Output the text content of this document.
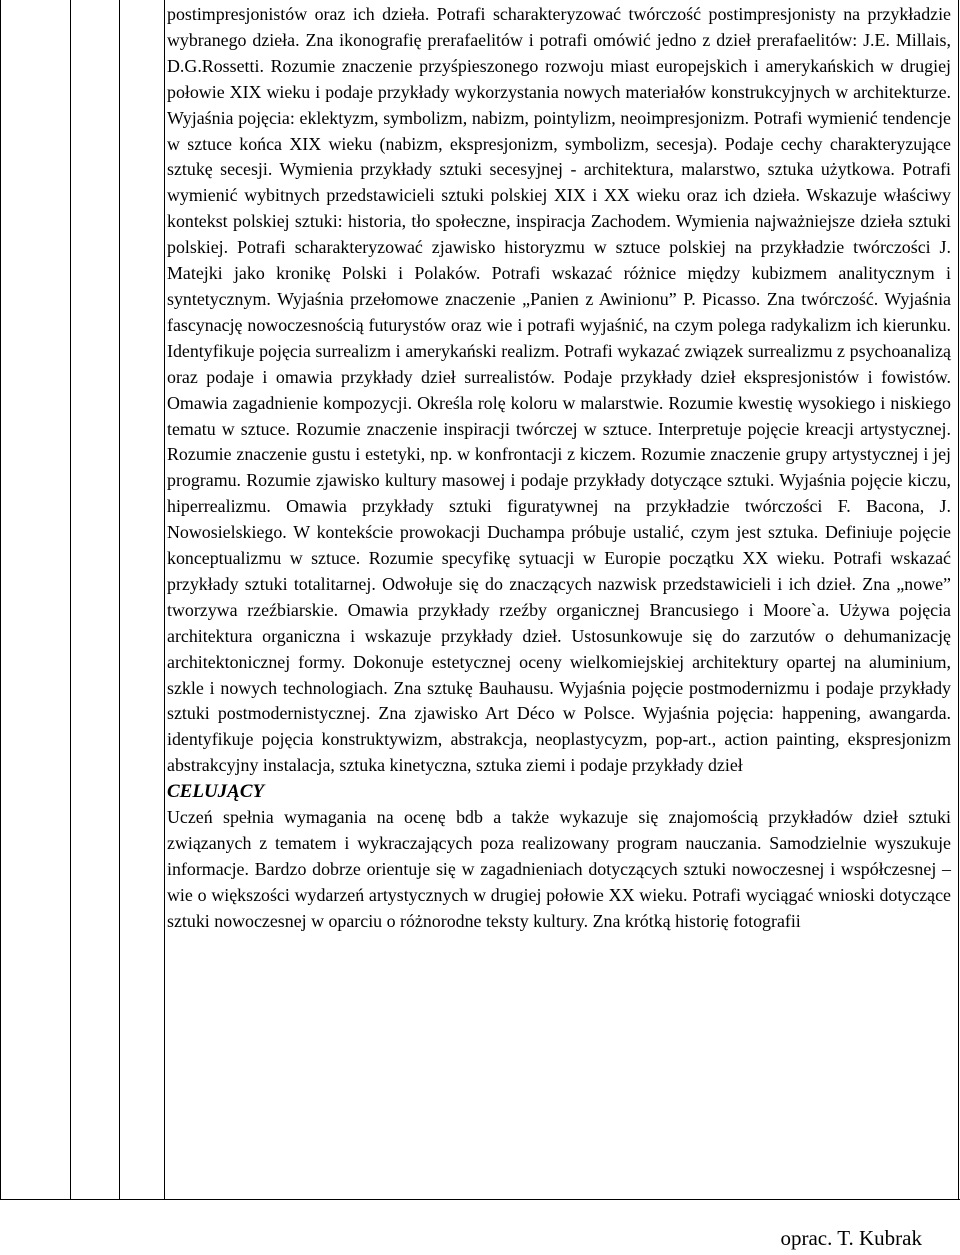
postimpresjonistów oraz ich dzieła. Potrafi scharakteryzować twórczość postimpresjonisty na przykładzie wybranego dzieła. Zna ikonografię prerafaelitów i potrafi omówić jedno z dzieł prerafaelitów: J.E. Millais, D.G.Rossetti. Rozumie znaczenie przyśpieszonego rozwoju miast europejskich i amerykańskich w drugiej połowie XIX wieku i podaje przykłady wykorzystania nowych materiałów konstrukcyjnych w architekturze. Wyjaśnia pojęcia: eklektyzm, symbolizm, nabizm, pointylizm, neoimpresjonizm. Potrafi wymienić tendencje w sztuce końca XIX wieku (nabizm, ekspresjonizm, symbolizm, secesja). Podaje cechy charakteryzujące sztukę secesji. Wymienia przykłady sztuki secesyjnej - architektura, malarstwo, sztuka użytkowa. Potrafi wymienić wybitnych przedstawicieli sztuki polskiej XIX i XX wieku oraz ich dzieła. Wskazuje właściwy kontekst polskiej sztuki: historia, tło społeczne, inspiracja Zachodem. Wymienia najważniejsze dzieła sztuki polskiej. Potrafi scharakteryzować zjawisko historyzmu w sztuce polskiej na przykładzie twórczości J. Matejki jako kronikę Polski i Polaków. Potrafi wskazać różnice między kubizmem analitycznym i syntetycznym. Wyjaśnia przełomowe znaczenie „Panien z Awinionu” P. Picasso. Zna twórczość. Wyjaśnia fascynację nowoczesnością futurystów oraz wie i potrafi wyjaśnić, na czym polega radykalizm ich kierunku. Identyfikuje pojęcia surrealizm i amerykański realizm. Potrafi wykazać związek surrealizmu z psychoanalizą oraz podaje i omawia przykłady dzieł surrealistów. Podaje przykłady dzieł ekspresjonistów i fowistów. Omawia zagadnienie kompozycji. Określa rolę koloru w malarstwie. Rozumie kwestię wysokiego i niskiego tematu w sztuce. Rozumie znaczenie inspiracji twórczej w sztuce. Interpretuje pojęcie kreacji artystycznej. Rozumie znaczenie gustu i estetyki, np. w konfrontacji z kiczem. Rozumie znaczenie grupy artystycznej i jej programu. Rozumie zjawisko kultury masowej i podaje przykłady dotyczące sztuki. Wyjaśnia pojęcie kiczu, hiperrealizmu. Omawia przykłady sztuki figuratywnej na przykładzie twórczości F. Bacona, J. Nowosielskiego. W kontekście prowokacji Duchampa próbuje ustalić, czym jest sztuka. Definiuje pojęcie konceptualizmu w sztuce. Rozumie specyfikę sytuacji w Europie początku XX wieku. Potrafi wskazać przykłady sztuki totalitarnej. Odwołuje się do znaczących nazwisk przedstawicieli i ich dzieł. Zna „nowe” tworzywa rzeźbiarskie. Omawia przykłady rzeźby organicznej Brancusiego i Moore`a. Używa pojęcia architektura organiczna i wskazuje przykłady dzieł. Ustosunkowuje się do zarzutów o dehumanizację architektonicznej formy. Dokonuje estetycznej oceny wielkomiejskiej architektury opartej na aluminium, szkle i nowych technologiach. Zna sztukę Bauhausu. Wyjaśnia pojęcie postmodernizmu i podaje przykłady sztuki postmodernistycznej. Zna zjawisko Art Déco w Polsce. Wyjaśnia pojęcia: happening, awangarda. identyfikuje pojęcia konstruktywizm, abstrakcja, neoplastycyzm, pop-art., action painting, ekspresjonizm abstrakcyjny instalacja, sztuka kinetyczna, sztuka ziemi i podaje przykłady dzieł

CELUJĄCY

Uczeń spełnia wymagania na ocenę bdb a także wykazuje się znajomością przykładów dzieł sztuki związanych z tematem i wykraczających poza realizowany program nauczania. Samodzielnie wyszukuje informacje. Bardzo dobrze orientuje się w zagadnieniach dotyczących sztuki nowoczesnej i współczesnej – wie o większości wydarzeń artystycznych w drugiej połowie XX wieku. Potrafi wyciągać wnioski dotyczące sztuki nowoczesnej w oparciu o różnorodne teksty kultury. Zna krótką historię fotografii

oprac. T. Kubrak
